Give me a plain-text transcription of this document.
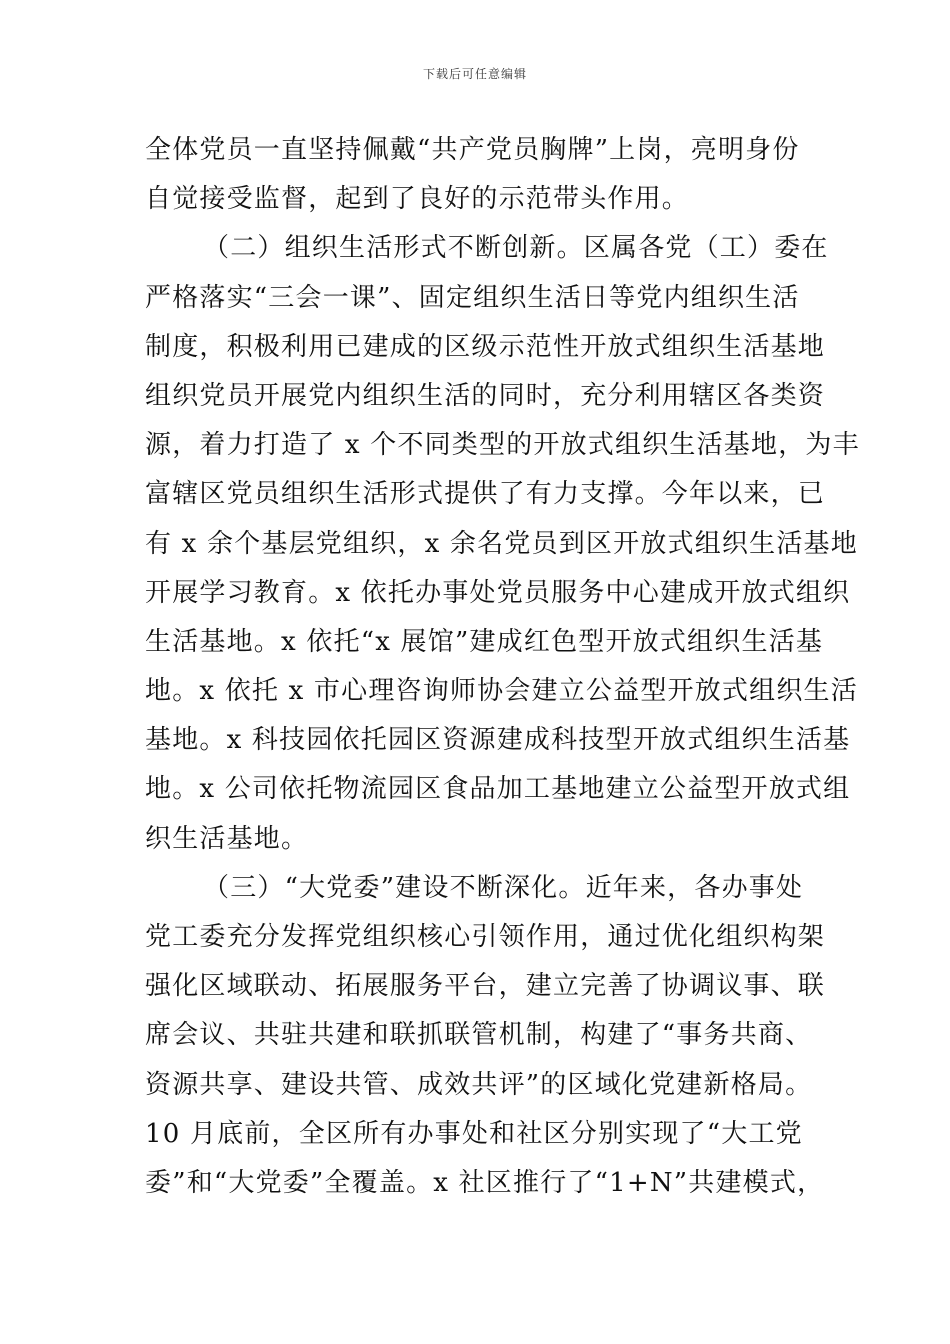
下载后可任意编辑
全体党员一直坚持佩戴“共产党员胸牌”上岗，亮明身份
自觉接受监督，起到了良好的示范带头作用。
（二）组织生活形式不断创新。区属各党（工）委在
严格落实“三会一课”、固定组织生活日等党内组织生活
制度，积极利用已建成的区级示范性开放式组织生活基地
组织党员开展党内组织生活的同时，充分利用辖区各类资
源，着力打造了 x 个不同类型的开放式组织生活基地，为丰
富辖区党员组织生活形式提供了有力支撑。今年以来，已
有 x 余个基层党组织，x 余名党员到区开放式组织生活基地
开展学习教育。x 依托办事处党员服务中心建成开放式组织
生活基地。x 依托“x 展馆”建成红色型开放式组织生活基
地。x 依托 x 市心理咨询师协会建立公益型开放式组织生活
基地。x 科技园依托园区资源建成科技型开放式组织生活基
地。x 公司依托物流园区食品加工基地建立公益型开放式组
织生活基地。
（三）“大党委”建设不断深化。近年来，各办事处
党工委充分发挥党组织核心引领作用，通过优化组织构架
强化区域联动、拓展服务平台，建立完善了协调议事、联
席会议、共驻共建和联抓联管机制，构建了“事务共商、
资源共享、建设共管、成效共评”的区域化党建新格局。
10 月底前，全区所有办事处和社区分别实现了“大工党
委”和“大党委”全覆盖。x 社区推行了“1+N”共建模式，
